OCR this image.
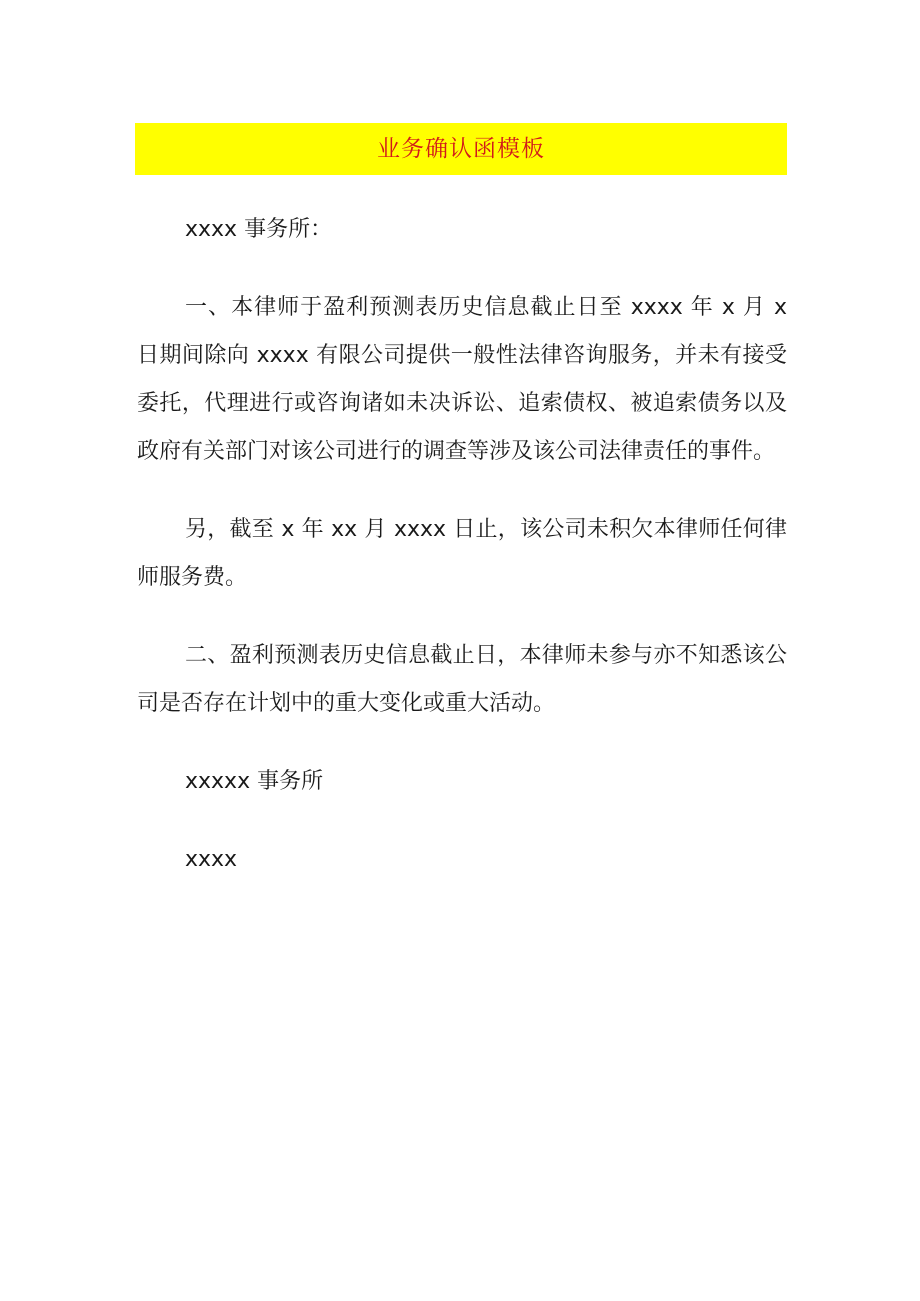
业务确认函模板

xxxx 事务所：

一、本律师于盈利预测表历史信息截止日至 xxxx 年 x 月 x 日期间除向 xxxx 有限公司提供一般性法律咨询服务，并未有接受委托，代理进行或咨询诸如未决诉讼、追索债权、被追索债务以及政府有关部门对该公司进行的调查等涉及该公司法律责任的事件。

另，截至 x 年 xx 月 xxxx 日止，该公司未积欠本律师任何律师服务费。

二、盈利预测表历史信息截止日，本律师未参与亦不知悉该公司是否存在计划中的重大变化或重大活动。

xxxxx 事务所

xxxx
